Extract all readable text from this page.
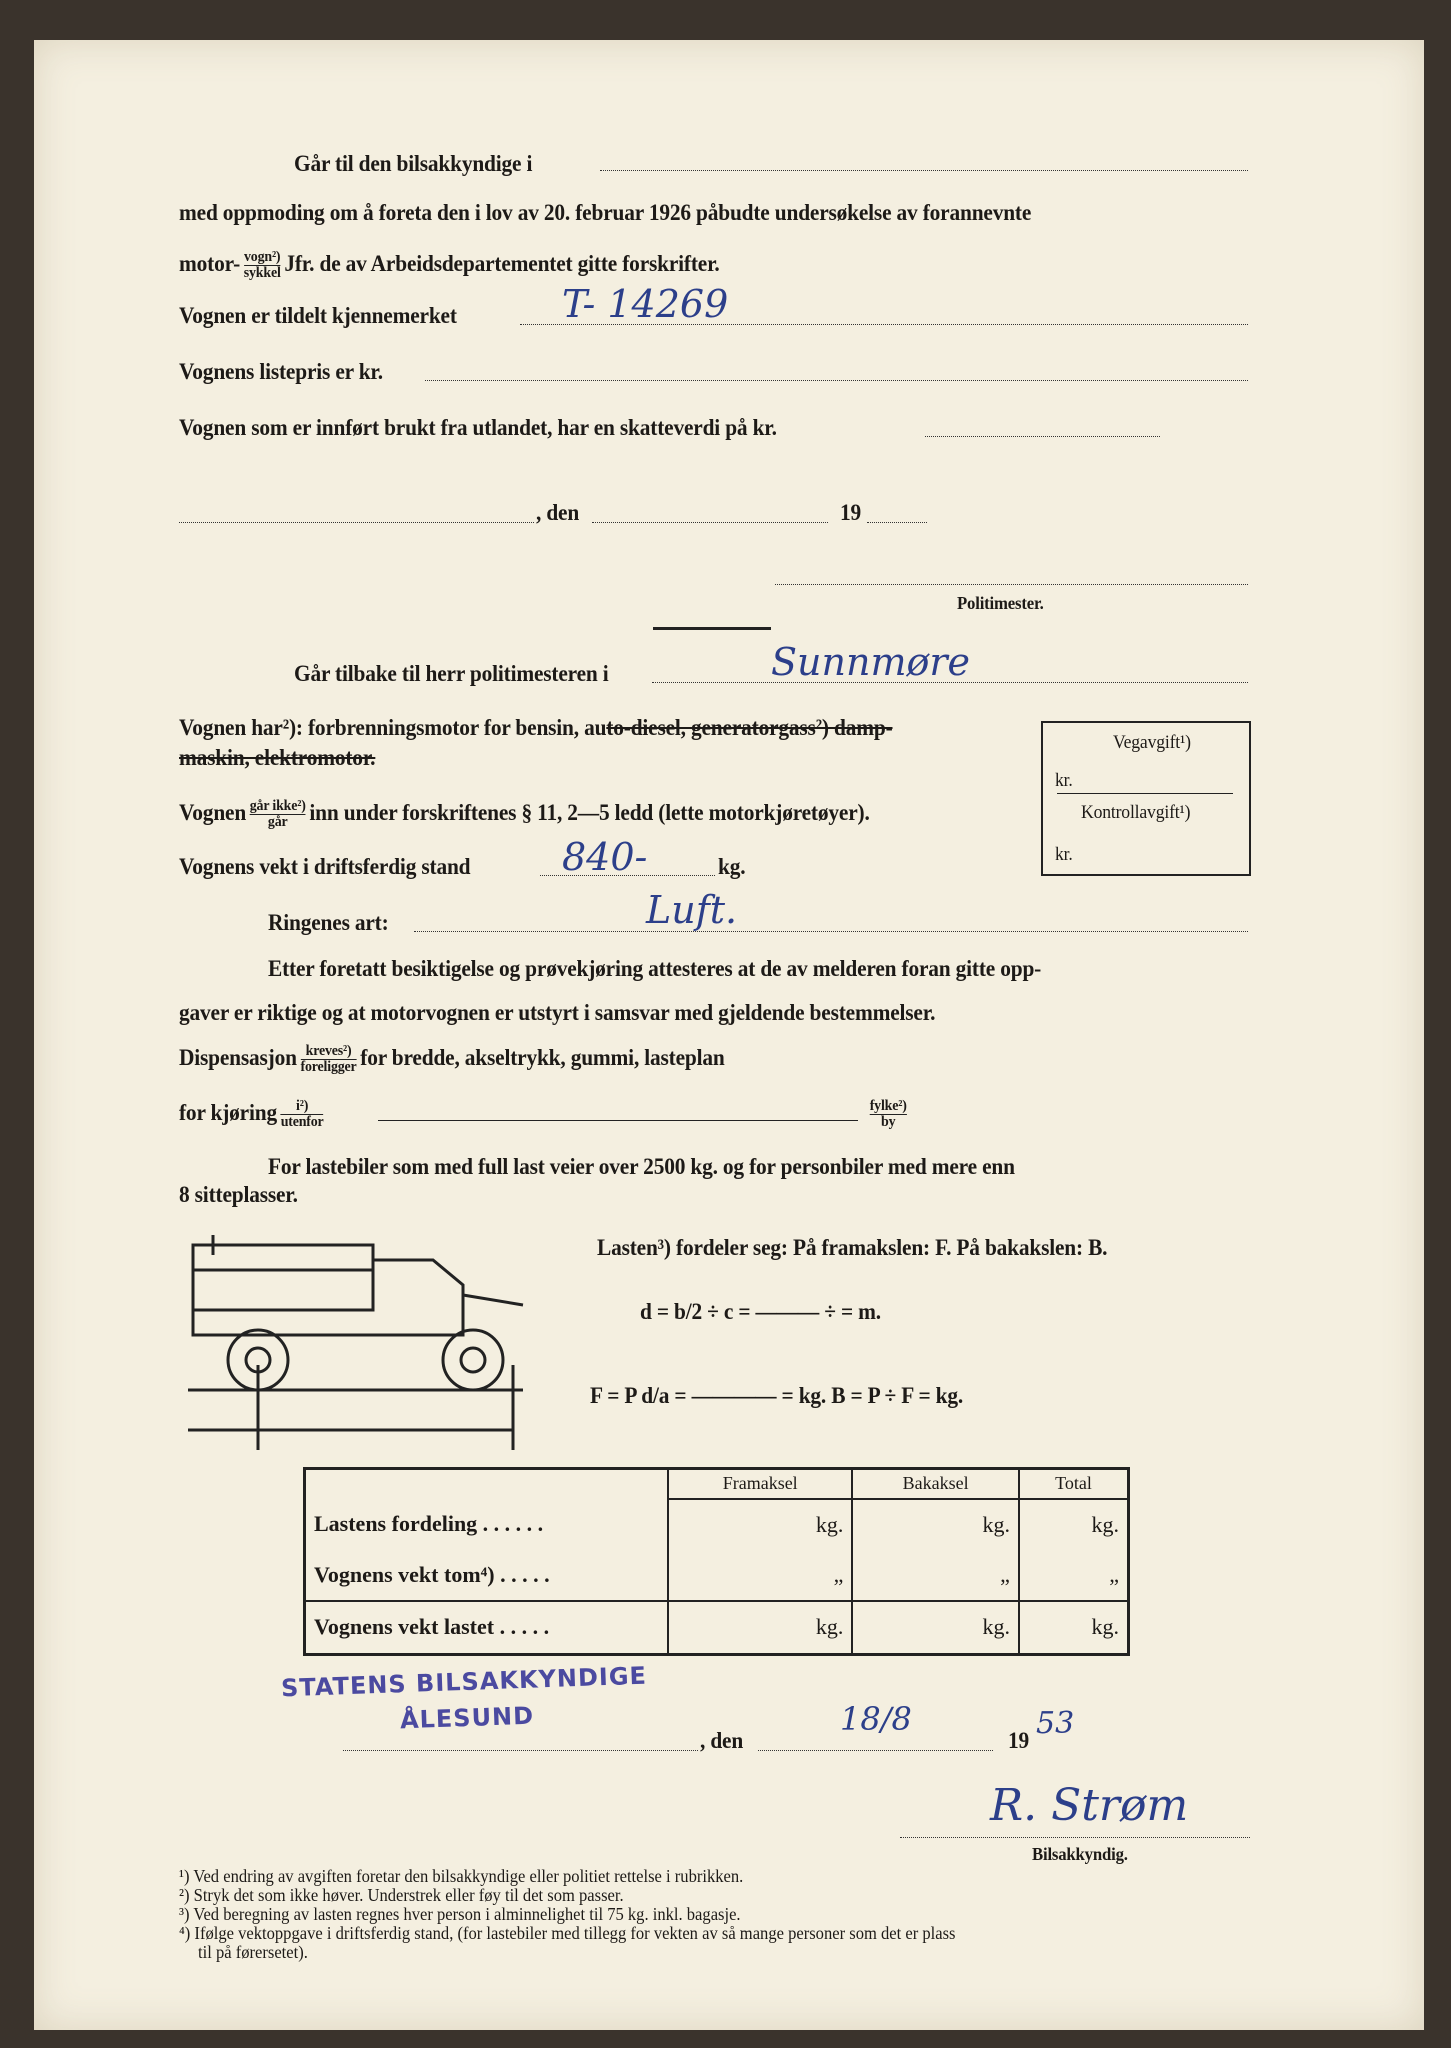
Går til den bilsakkyndige i
med oppmoding om å foreta den i lov av 20. februar 1926 påbudte undersøkelse av forannevnte
motor- $\frac{\text{vogn²)}}{\text{sykkel}}$ Jfr. de av Arbeidsdepartementet gitte forskrifter.
Vognen er tildelt kjennemerket	T- 14269
Vognens listepris er kr.
Vognen som er innført brukt fra utlandet, har en skatteverdi på kr.
, den	19
Politimester.
Går tilbake til herr politimesteren i	Sunnmøre
Vognen har²): forbrenningsmotor for bensin, auto-diesel, generatorgass²) damp-
maskin, elektromotor.
Vognen $\frac{\text{går ikke²)}}{\text{går}}$ inn under forskriftenes § 11, 2—5 ledd (lette motorkjøretøyer).
Vognens vekt i driftsferdig stand 840-	kg.
Ringenes art:	Luft.
Vegavgift¹)
kr.
Kontrollavgift¹)
kr.
Etter foretatt besiktigelse og prøvekjøring attesteres at de av melderen foran gitte opp-
gaver er riktige og at motorvognen er utstyrt i samsvar med gjeldende bestemmelser.
Dispensasjon $\frac{\text{kreves²)}}{\text{foreligger}}$ for bredde, akseltrykk, gummi, lasteplan
for kjøring $\frac{\text{i²)}}{\text{utenfor}}$	$\frac{\text{fylke²)}}{by}$
For lastebiler som med full last veier over 2500 kg. og for personbiler med mere enn
8 sitteplasser.
Lasten³) fordeler seg: På framakslen: F. På bakakslen: B.
d = b/2 ÷ c = ——— ÷ = m.
F = P d/a = ———— = kg. B = P ÷ F = kg.
	Framaksel	Bakaksel	Total
Lastens fordeling . . . . . .	kg.	kg.	kg.
Vognens vekt tom⁴) . . . . .	„	„	„
Vognens vekt lastet . . . . .	kg.	kg.	kg.
STATENS BILSAKKYNDIGE
ÅLESUND
, den
18/8
19 53
R. Strøm
Bilsakkyndig.
¹) Ved endring av avgiften foretar den bilsakkyndige eller politiet rettelse i rubrikken.
²) Stryk det som ikke høver. Understrek eller føy til det som passer.
³) Ved beregning av lasten regnes hver person i alminnelighet til 75 kg. inkl. bagasje.
⁴) Ifølge vektoppgave i driftsferdig stand, (for lastebiler med tillegg for vekten av så mange personer som det er plass
til på førersetet).
